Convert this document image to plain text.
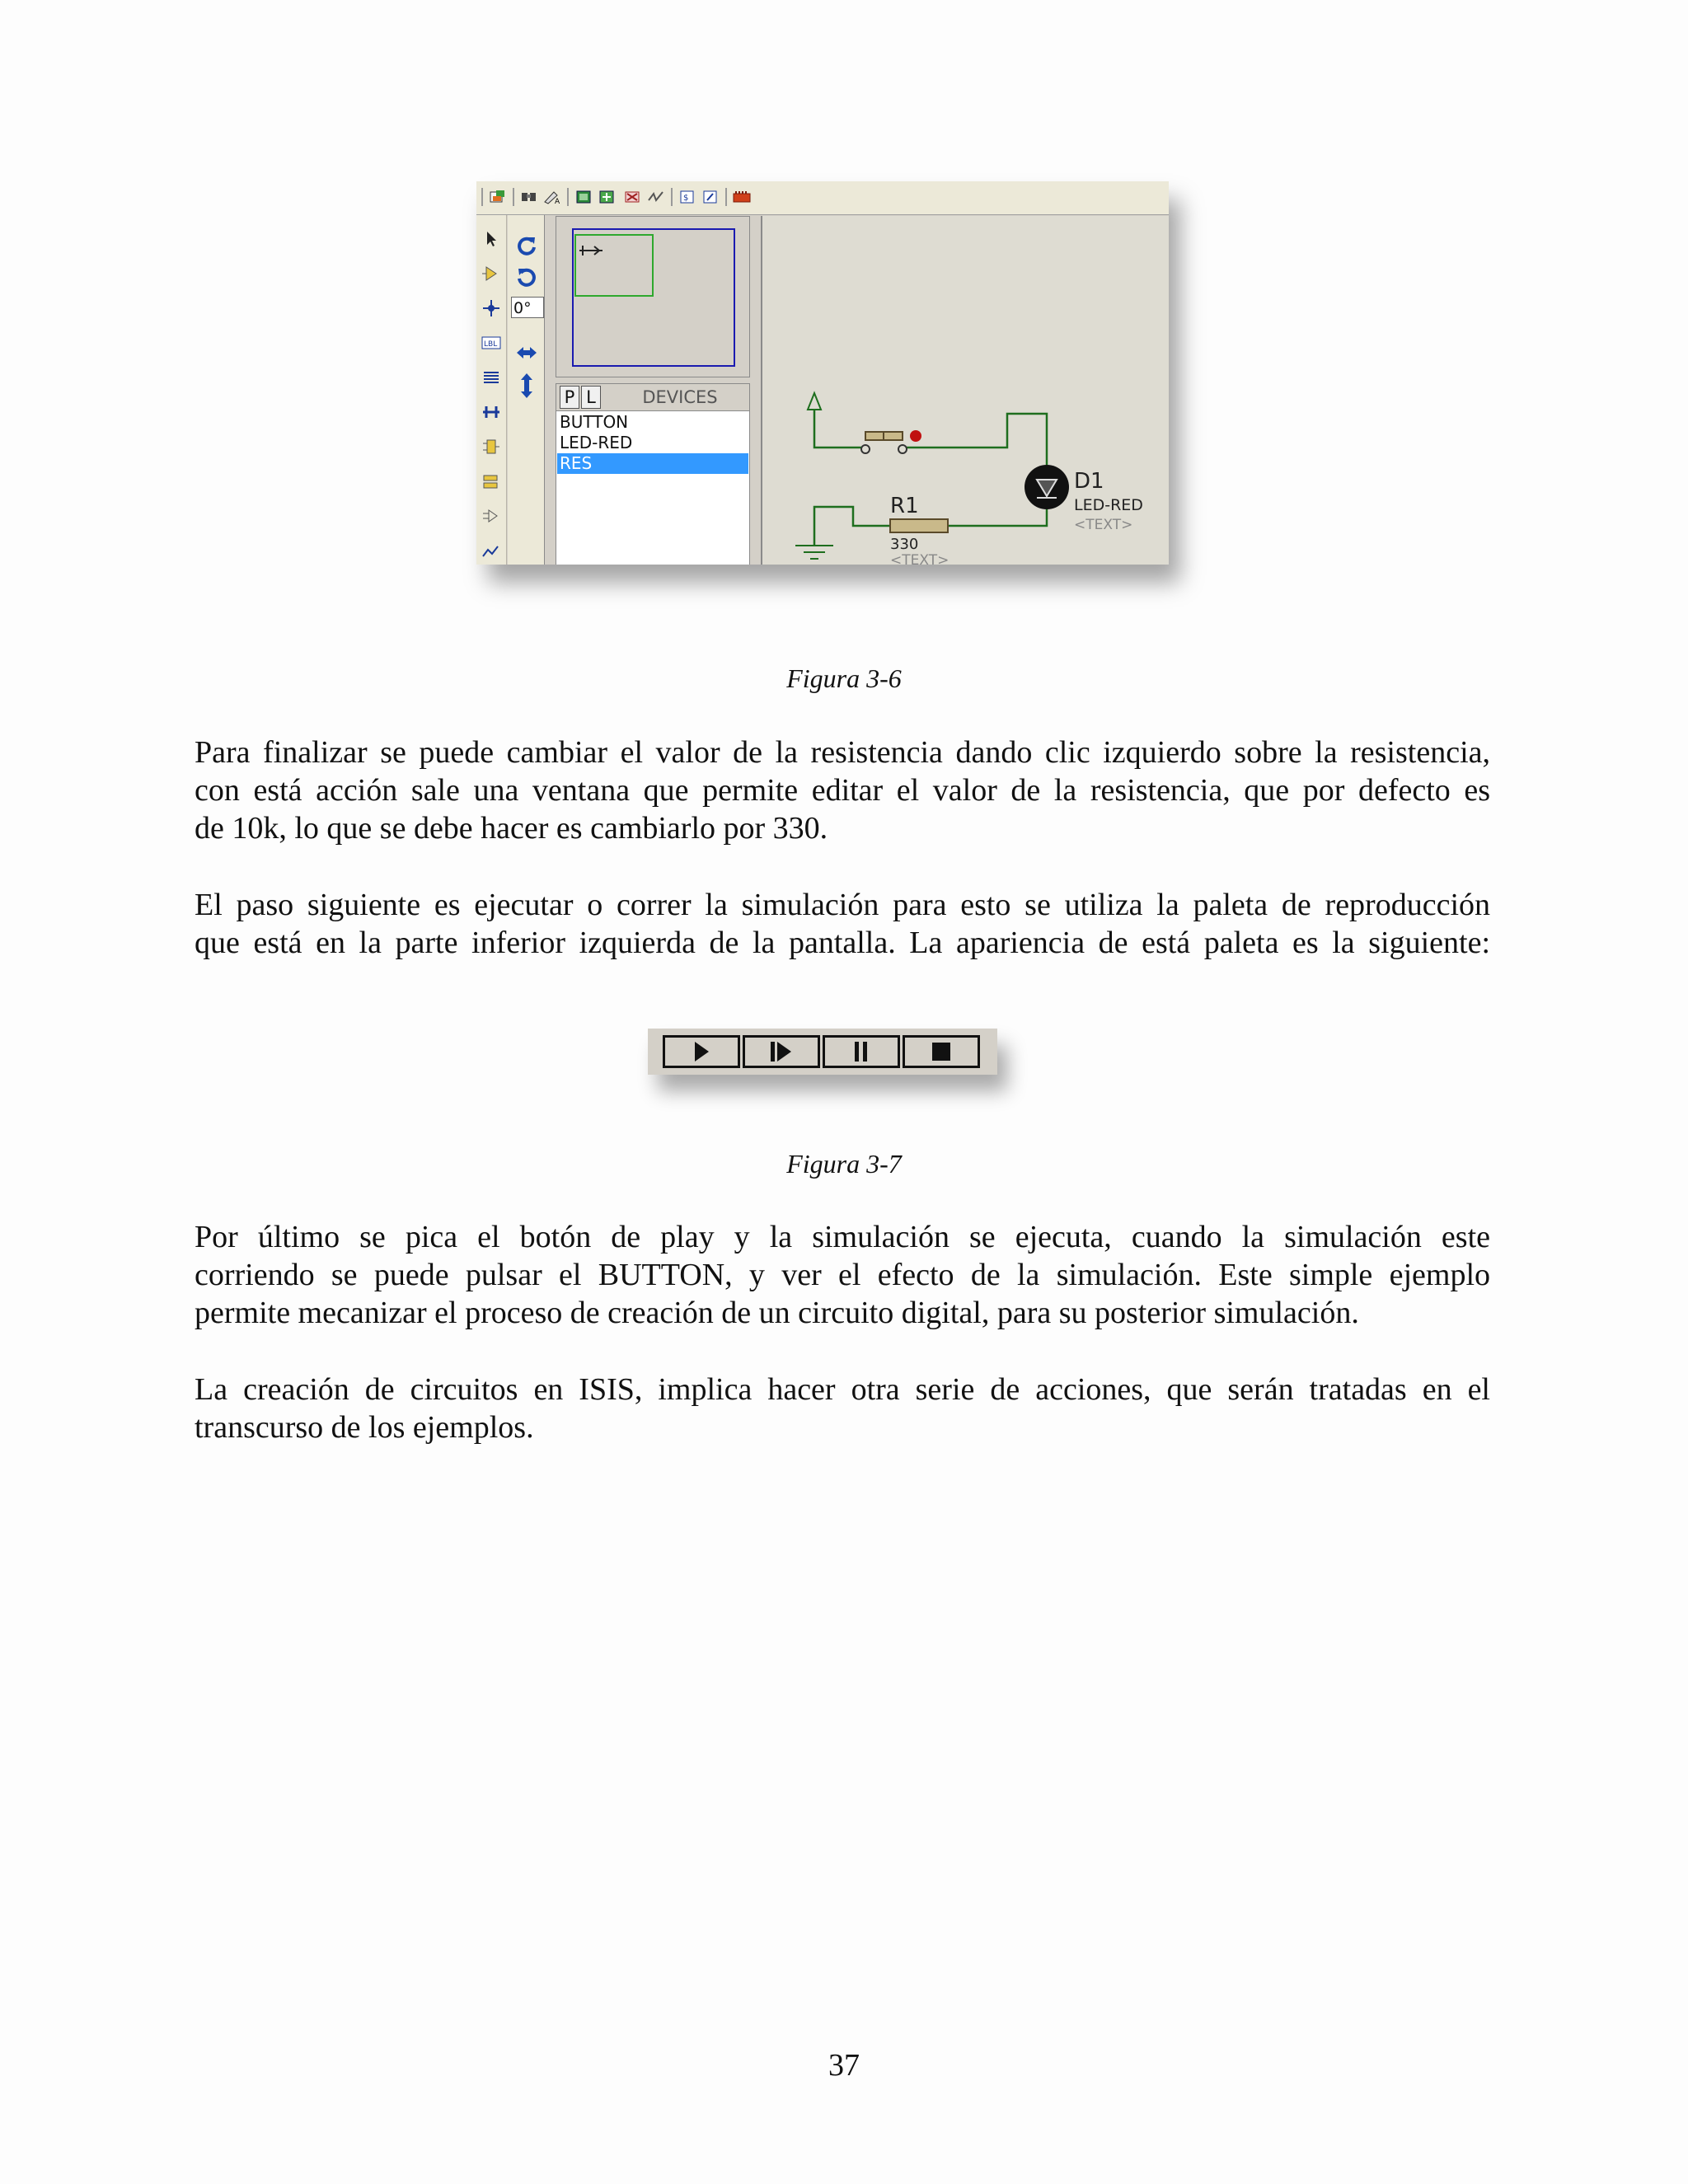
A	$
LBL
0°
P L	DEVICES
BUTTON
LED-RED
RES
D1
LED-RED
<TEXT>
R1
330
<TEXT>
Figura 3-6

Para finalizar se puede cambiar el valor de la resistencia dando clic izquierdo sobre la resistencia,
con está acción sale una ventana que permite editar el valor de la resistencia, que por defecto es
de 10k, lo que se debe hacer es cambiarlo por 330.

El paso siguiente es ejecutar o correr la simulación para esto se utiliza la paleta de reproducción
que está en la parte inferior izquierda de la pantalla. La apariencia de está paleta es la siguiente:

Figura 3-7

Por último se pica el botón de play y la simulación se ejecuta, cuando la simulación este
corriendo se puede pulsar el BUTTON, y ver el efecto de la simulación. Este simple ejemplo
permite mecanizar el proceso de creación de un circuito digital, para su posterior simulación.

La creación de circuitos en ISIS, implica hacer otra serie de acciones, que serán tratadas en el
transcurso de los ejemplos.

37
